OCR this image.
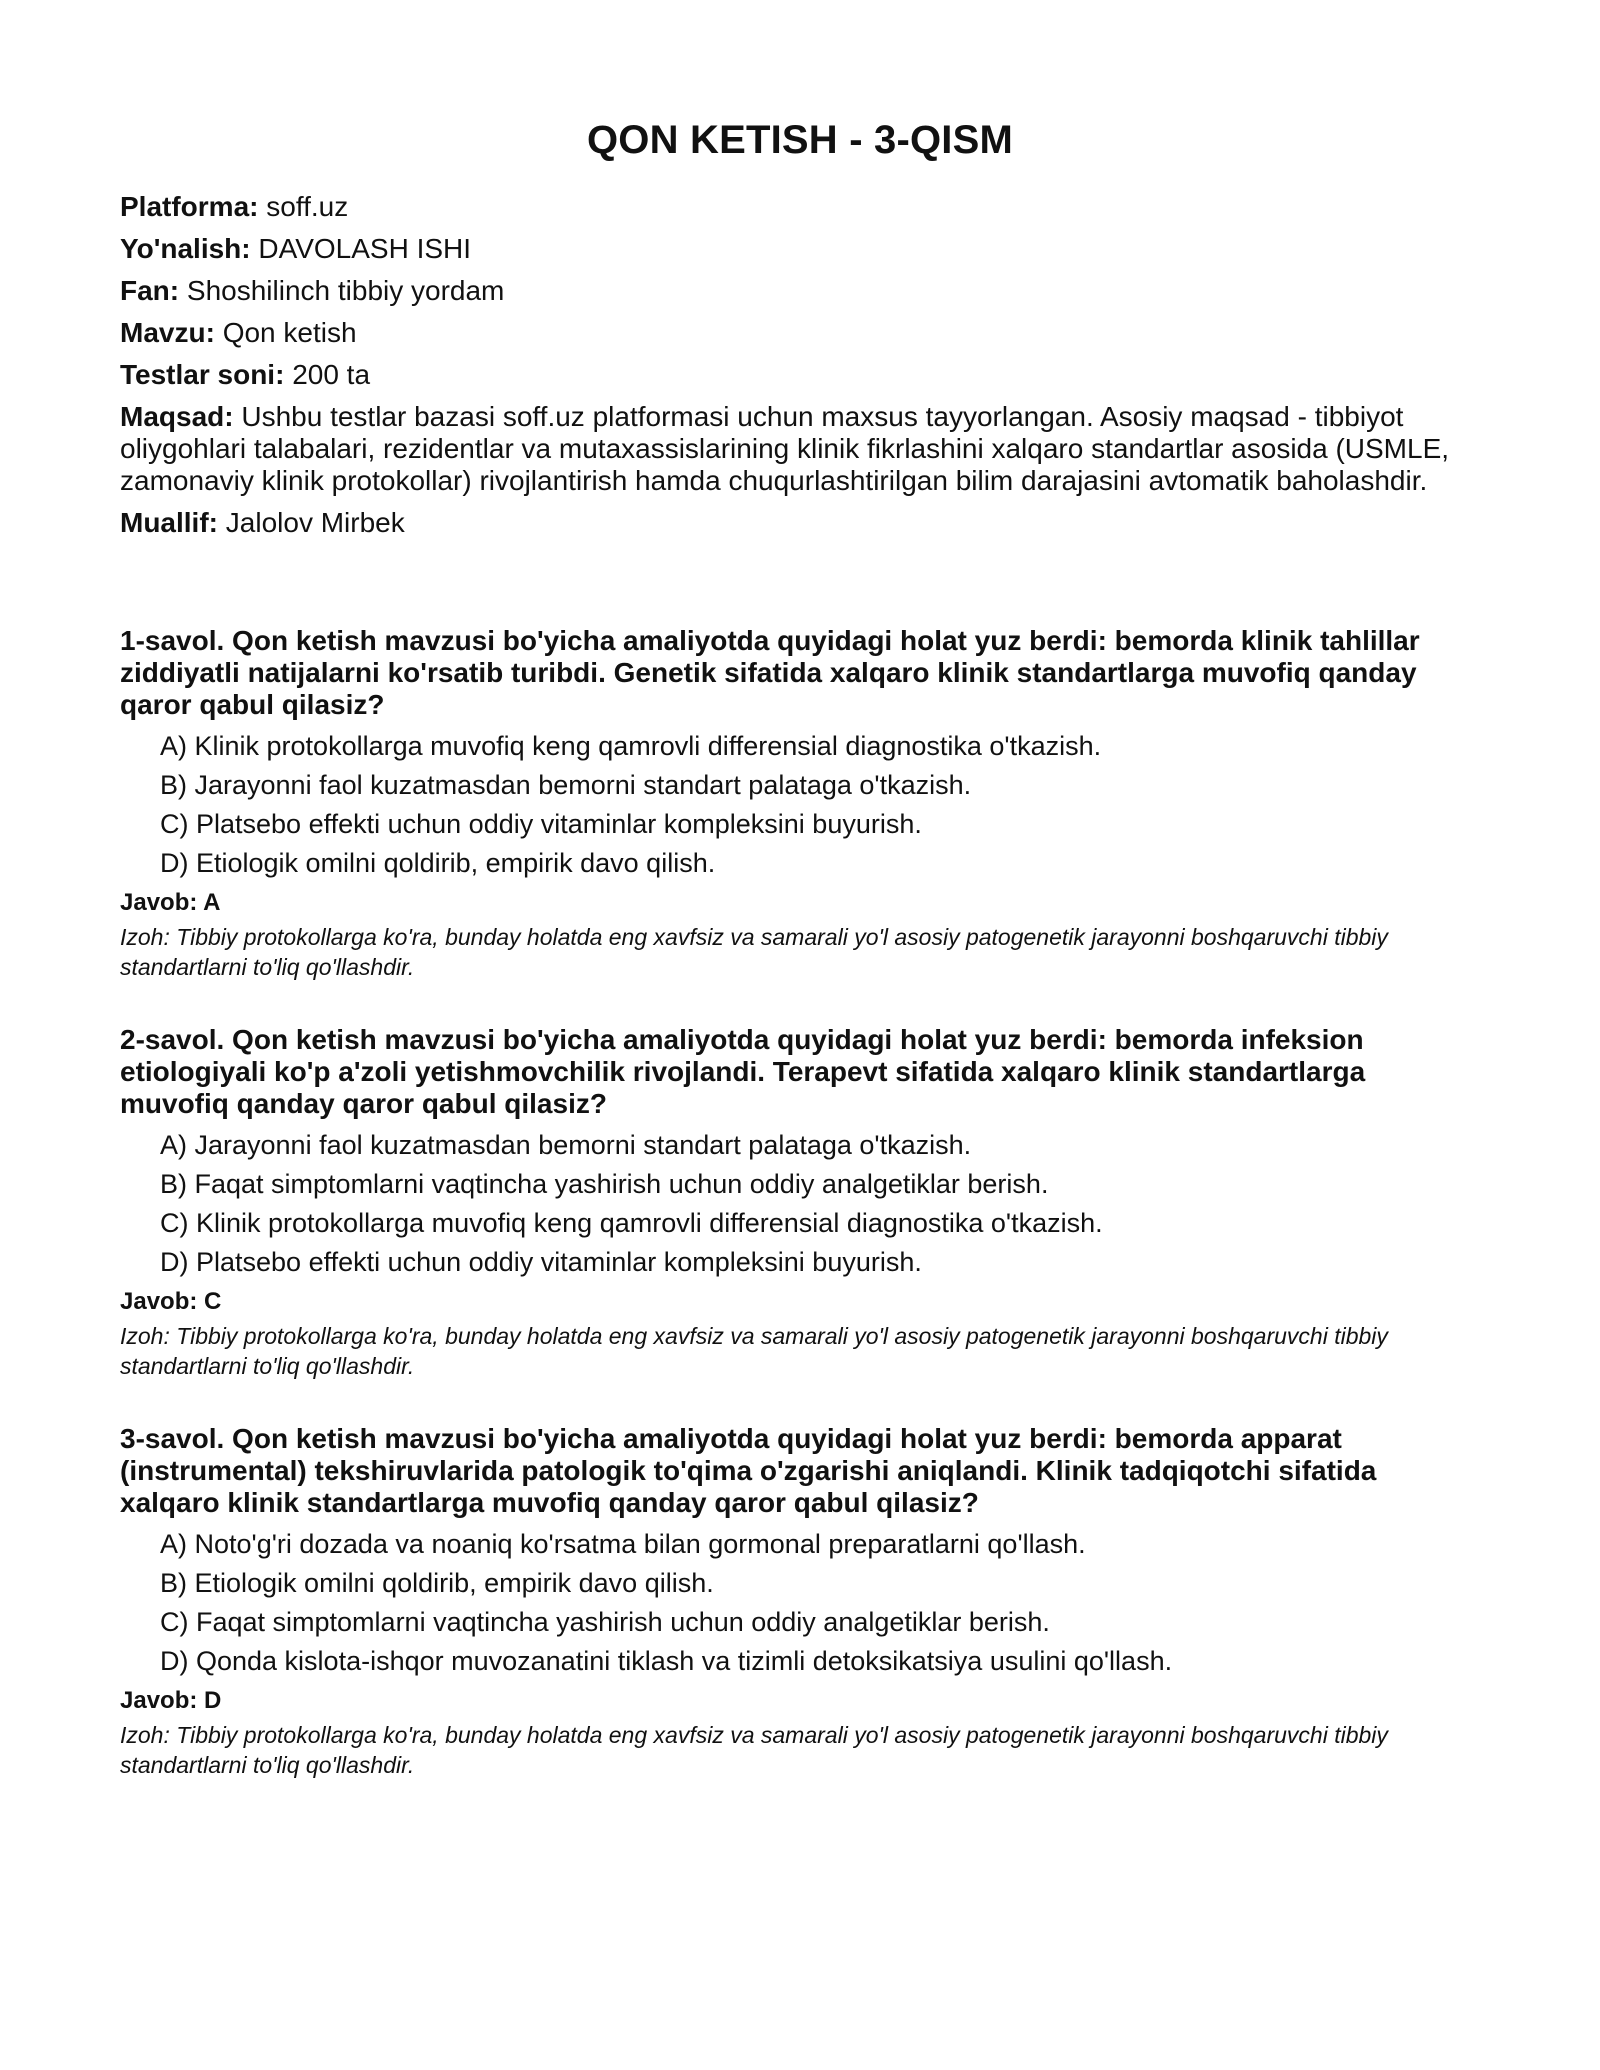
QON KETISH - 3-QISM

Platforma: soff.uz

Yo'nalish: DAVOLASH ISHI

Fan: Shoshilinch tibbiy yordam

Mavzu: Qon ketish

Testlar soni: 200 ta

Maqsad: Ushbu testlar bazasi soff.uz platformasi uchun maxsus tayyorlangan. Asosiy maqsad - tibbiyot oliygohlari talabalari, rezidentlar va mutaxassislarining klinik fikrlashini xalqaro standartlar asosida (USMLE, zamonaviy klinik protokollar) rivojlantirish hamda chuqurlashtirilgan bilim darajasini avtomatik baholashdir.

Muallif: Jalolov Mirbek

1-savol. Qon ketish mavzusi bo'yicha amaliyotda quyidagi holat yuz berdi: bemorda klinik tahlillar ziddiyatli natijalarni ko'rsatib turibdi. Genetik sifatida xalqaro klinik standartlarga muvofiq qanday qaror qabul qilasiz?

A) Klinik protokollarga muvofiq keng qamrovli differensial diagnostika o'tkazish.

B) Jarayonni faol kuzatmasdan bemorni standart palataga o'tkazish.

C) Platsebo effekti uchun oddiy vitaminlar kompleksini buyurish.

D) Etiologik omilni qoldirib, empirik davo qilish.

Javob: A

Izoh: Tibbiy protokollarga ko'ra, bunday holatda eng xavfsiz va samarali yo'l asosiy patogenetik jarayonni boshqaruvchi tibbiy standartlarni to'liq qo'llashdir.

2-savol. Qon ketish mavzusi bo'yicha amaliyotda quyidagi holat yuz berdi: bemorda infeksion etiologiyali ko'p a'zoli yetishmovchilik rivojlandi. Terapevt sifatida xalqaro klinik standartlarga muvofiq qanday qaror qabul qilasiz?

A) Jarayonni faol kuzatmasdan bemorni standart palataga o'tkazish.

B) Faqat simptomlarni vaqtincha yashirish uchun oddiy analgetiklar berish.

C) Klinik protokollarga muvofiq keng qamrovli differensial diagnostika o'tkazish.

D) Platsebo effekti uchun oddiy vitaminlar kompleksini buyurish.

Javob: C

Izoh: Tibbiy protokollarga ko'ra, bunday holatda eng xavfsiz va samarali yo'l asosiy patogenetik jarayonni boshqaruvchi tibbiy standartlarni to'liq qo'llashdir.

3-savol. Qon ketish mavzusi bo'yicha amaliyotda quyidagi holat yuz berdi: bemorda apparat (instrumental) tekshiruvlarida patologik to'qima o'zgarishi aniqlandi. Klinik tadqiqotchi sifatida xalqaro klinik standartlarga muvofiq qanday qaror qabul qilasiz?

A) Noto'g'ri dozada va noaniq ko'rsatma bilan gormonal preparatlarni qo'llash.

B) Etiologik omilni qoldirib, empirik davo qilish.

C) Faqat simptomlarni vaqtincha yashirish uchun oddiy analgetiklar berish.

D) Qonda kislota-ishqor muvozanatini tiklash va tizimli detoksikatsiya usulini qo'llash.

Javob: D

Izoh: Tibbiy protokollarga ko'ra, bunday holatda eng xavfsiz va samarali yo'l asosiy patogenetik jarayonni boshqaruvchi tibbiy standartlarni to'liq qo'llashdir.
